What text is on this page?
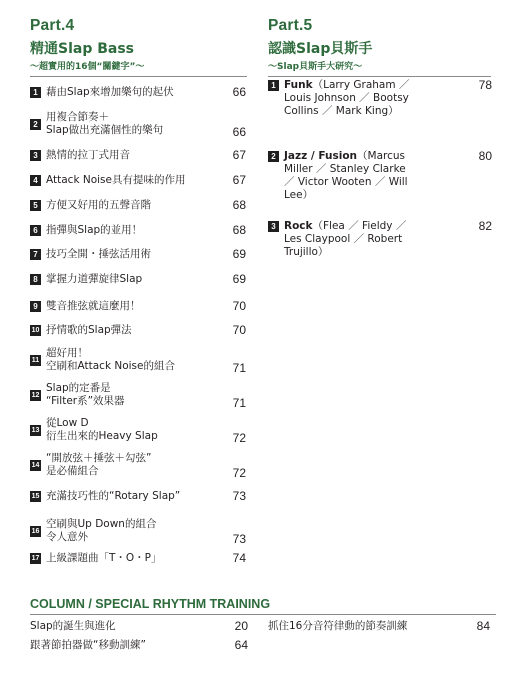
Part.4
精通Slap Bass
～超實用的16個“關鍵字”～
1 藉由Slap來增加樂句的起伏	66
2
用複合節奏＋
Slap做出充滿個性的樂句	66
3 熱情的拉丁式用音	67
4 Attack Noise具有提味的作用	67
5 方便又好用的五聲音階	68
6 指彈與Slap的並用！	68
7 技巧全開・捶弦活用術	69
8 掌握力道彈旋律Slap	69
9 雙音推弦就這麼用！	70
10 抒情歌的Slap彈法	70
11
超好用！
空刷和Attack Noise的組合	71
12
Slap的定番是
“Filter系”效果器	71
13
從Low D
衍生出來的Heavy Slap	72
14
“開放弦＋捶弦＋勾弦”
是必備組合	72
15 充滿技巧性的“Rotary Slap”	73
16
空刷與Up Down的組合
令人意外	73
17 上級課題曲「T・O・P」	74
Part.5
認識Slap貝斯手
～Slap貝斯手大研究～
1 Funk（Larry Graham ／
Louis Johnson ／ Bootsy
Collins ／ Mark King）
78
2 Jazz / Fusion（Marcus
Miller ／ Stanley Clarke
／ Victor Wooten ／ Will
Lee）
80
3 Rock（Flea ／ Fieldy ／
Les Claypool ／ Robert
Trujillo）
82
COLUMN / SPECIAL RHYTHM TRAINING
Slap的誕生與進化	20
跟著節拍器做“移動訓練”	64
抓住16分音符律動的節奏訓練	84
